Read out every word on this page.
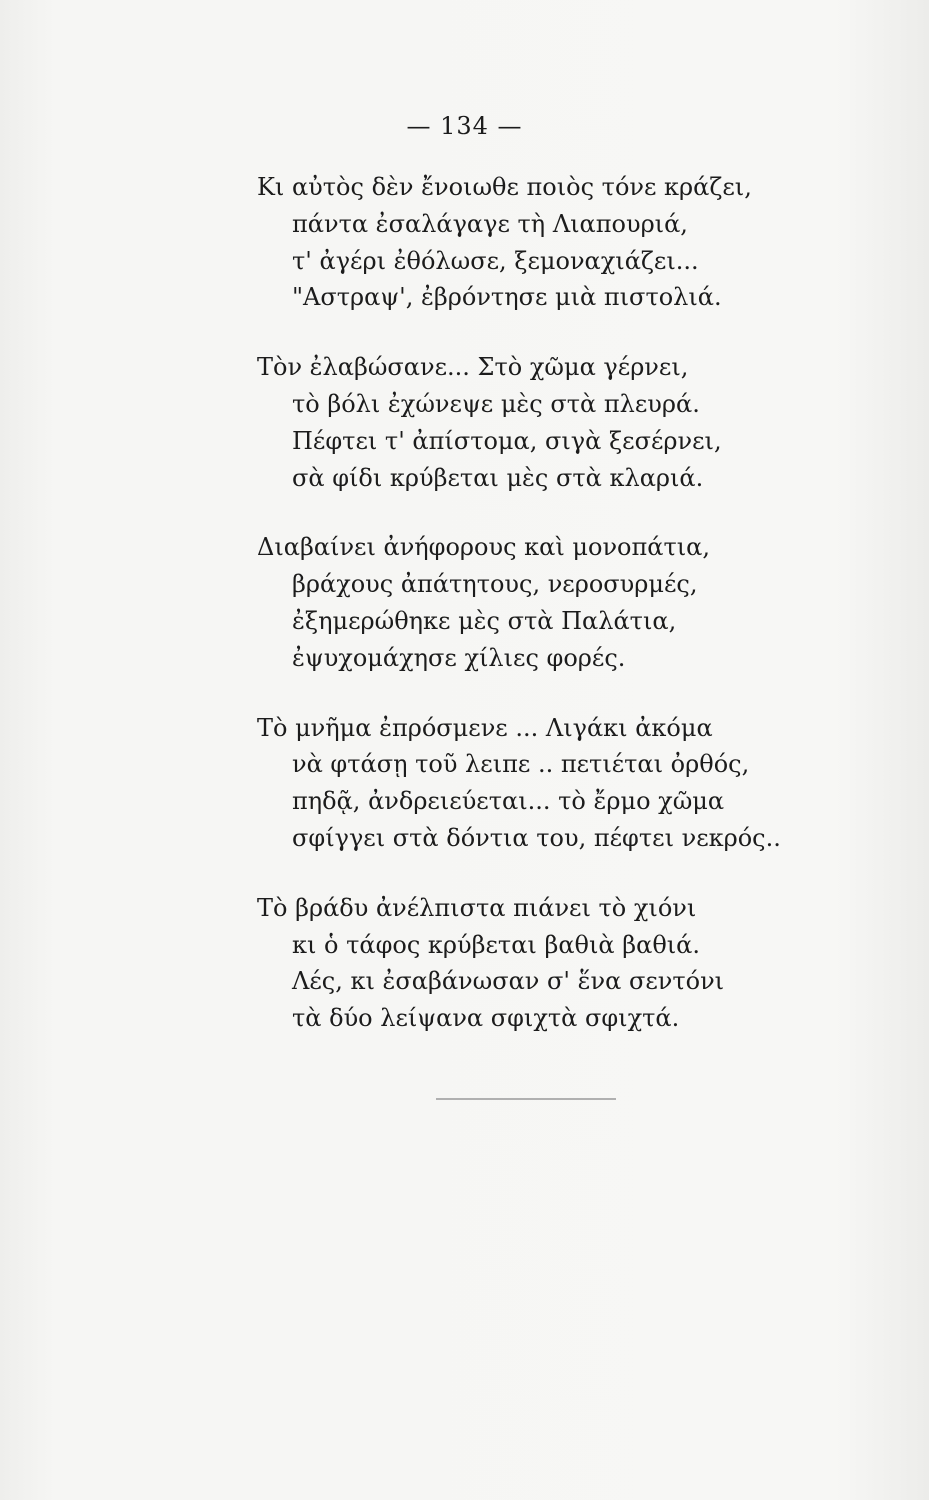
— 134 —
Κι αὐτὸς δὲν ἔνοιωθε ποιὸς τόνε κράζει,
πάντα ἐσαλάγαγε τὴ Λιαπουριά,
τ' ἀγέρι ἐθόλωσε, ξεμοναχιάζει...
"Αστραψ', ἐβρόντησε μιὰ πιστολιά.
Τὸν ἐλαβώσανε... Στὸ χῶμα γέρνει,
τὸ βόλι ἐχώνεψε μὲς στὰ πλευρά.
Πέφτει τ' ἀπίστομα, σιγὰ ξεσέρνει,
σὰ φίδι κρύβεται μὲς στὰ κλαριά.
Διαβαίνει ἀνήφορους καὶ μονοπάτια,
βράχους ἀπάτητους, νεροσυρμές,
ἐξημερώθηκε μὲς στὰ Παλάτια,
ἐψυχομάχησε χίλιες φορές.
Τὸ μνῆμα ἐπρόσμενε ... Λιγάκι ἀκόμα
νὰ φτάσῃ τοῦ λειπε .. πετιέται ὀρθός,
πηδᾷ, ἀνδρειεύεται... τὸ ἔρμο χῶμα
σφίγγει στὰ δόντια του, πέφτει νεκρός..
Τὸ βράδυ ἀνέλπιστα πιάνει τὸ χιόνι
κι ὁ τάφος κρύβεται βαθιὰ βαθιά.
Λές, κι ἐσαβάνωσαν σ' ἕνα σεντόνι
τὰ δύο λείψανα σφιχτὰ σφιχτά.
